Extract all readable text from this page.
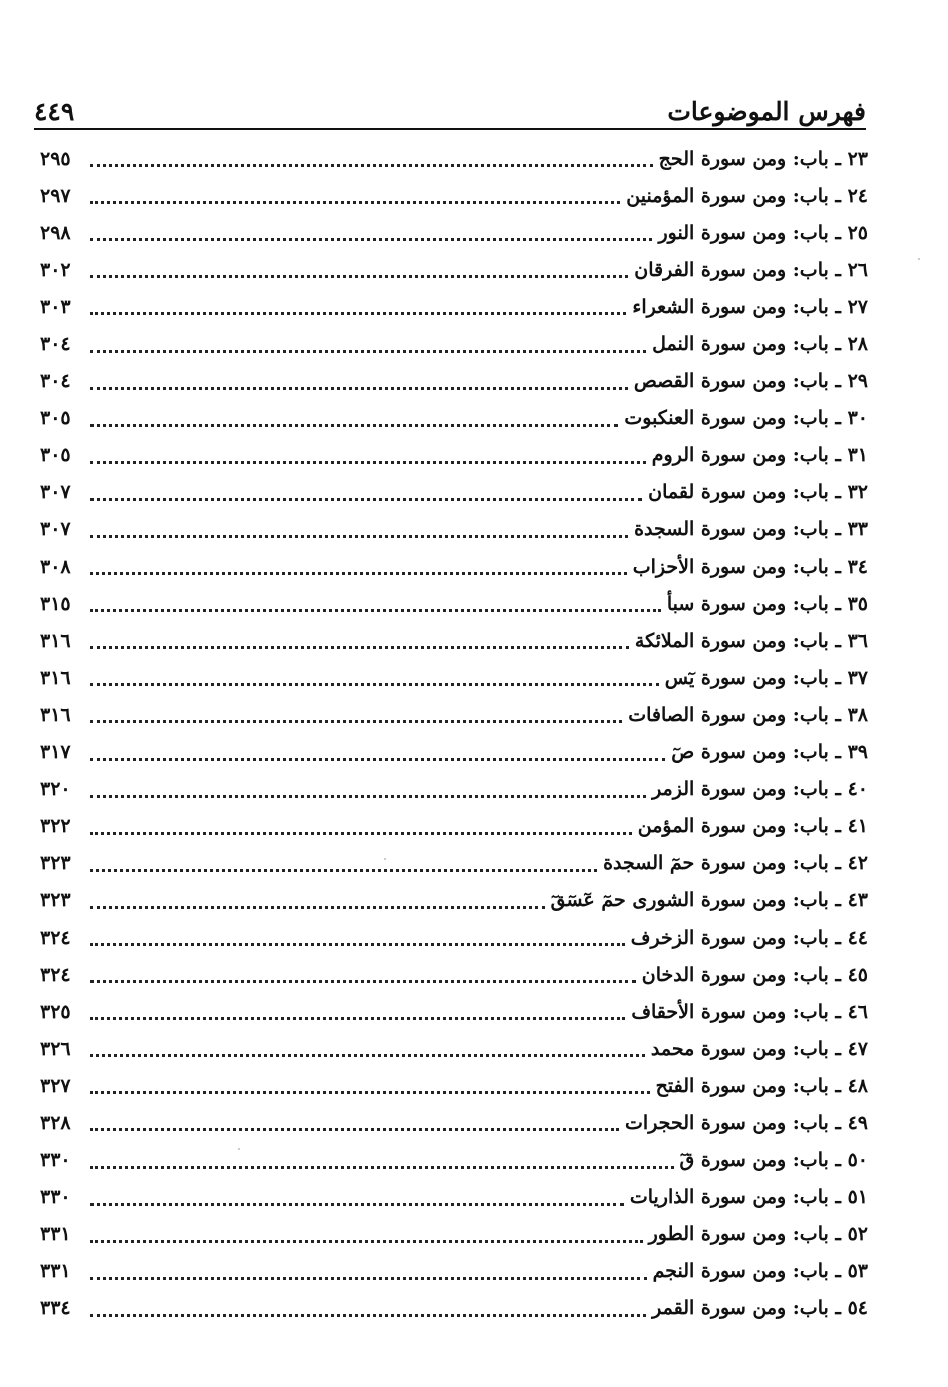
٤٤٩	فهرس الموضوعات
٢٣ ـ باب: ومن سورة الحج
٢٩٥
٢٤ ـ باب: ومن سورة المؤمنين
٢٩٧
٢٥ ـ باب: ومن سورة النور
٢٩٨
٢٦ ـ باب: ومن سورة الفرقان
٣٠٢
٢٧ ـ باب: ومن سورة الشعراء
٣٠٣
٢٨ ـ باب: ومن سورة النمل
٣٠٤
٢٩ ـ باب: ومن سورة القصص
٣٠٤
٣٠ ـ باب: ومن سورة العنكبوت
٣٠٥
٣١ ـ باب: ومن سورة الروم
٣٠٥
٣٢ ـ باب: ومن سورة لقمان
٣٠٧
٣٣ ـ باب: ومن سورة السجدة
٣٠٧
٣٤ ـ باب: ومن سورة الأحزاب
٣٠٨
٣٥ ـ باب: ومن سورة سبأ
٣١٥
٣٦ ـ باب: ومن سورة الملائكة
٣١٦
٣٧ ـ باب: ومن سورة يٓس
٣١٦
٣٨ ـ باب: ومن سورة الصافات
٣١٦
٣٩ ـ باب: ومن سورة صٓ
٣١٧
٤٠ ـ باب: ومن سورة الزمر
٣٢٠
٤١ ـ باب: ومن سورة المؤمن
٣٢٢
٤٢ ـ باب: ومن سورة حمٓ السجدة
٣٢٣
٤٣ ـ باب: ومن سورة الشورى حمٓ عٓسٓقٓ
٣٢٣
٤٤ ـ باب: ومن سورة الزخرف
٣٢٤
٤٥ ـ باب: ومن سورة الدخان
٣٢٤
٤٦ ـ باب: ومن سورة الأحقاف
٣٢٥
٤٧ ـ باب: ومن سورة محمد
٣٢٦
٤٨ ـ باب: ومن سورة الفتح
٣٢٧
٤٩ ـ باب: ومن سورة الحجرات
٣٢٨
٥٠ ـ باب: ومن سورة قٓ
٣٣٠
٥١ ـ باب: ومن سورة الذاريات
٣٣٠
٥٢ ـ باب: ومن سورة الطور
٣٣١
٥٣ ـ باب: ومن سورة النجم
٣٣١
٥٤ ـ باب: ومن سورة القمر
٣٣٤
